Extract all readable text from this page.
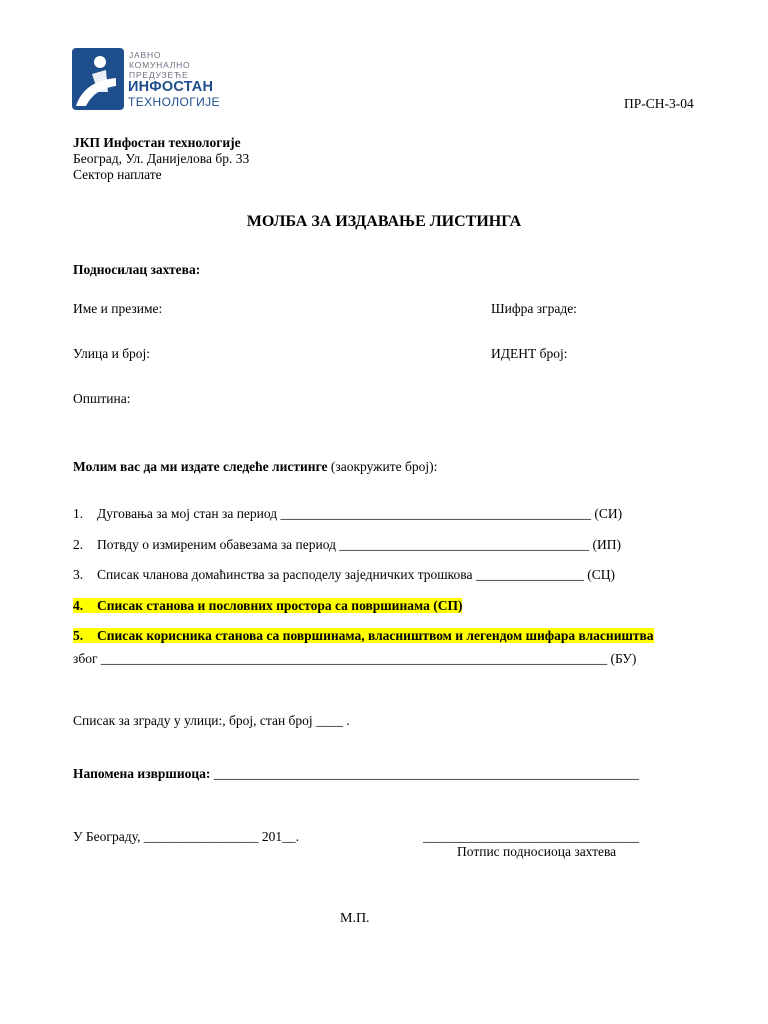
ЈАВНО
КОМУНАЛНО
ПРЕДУЗЕЋЕ
ИНФОСТАН
ТЕХНОЛОГИЈЕ	ПР-СН-3-04
ЈКП Инфостан технологије
Београд, Ул. Данијелова бр. 33
Сектор наплате
МОЛБА ЗА ИЗДАВАЊЕ ЛИСТИНГА
Подносилац захтева:
Име и презиме:	Шифра зграде:
Улица и број:	ИДЕНТ број:
Општина:
Молим вас да ми издате следеће листинге (заокружите број):
1. Дуговања за мој стан за период ______________________________________________ (СИ)
2. Потвду о измиреним обавезама за период _____________________________________ (ИП)
3. Списак чланова домаћинства за расподелу заједничких трошкова ________________ (СЦ)
4. Списак станова и пословних простора са површинама (СП)
5. Списак корисника станова са површинама, власништвом и легендом шифара власништва
због ___________________________________________________________________________ (БУ)
Списак за зграду у улици:, број, стан број ____ .
Напомена извршиоца: _______________________________________________________________
У Београду, _________________ 201__.	________________________________
Потпис подносиоца захтева
М.П.
